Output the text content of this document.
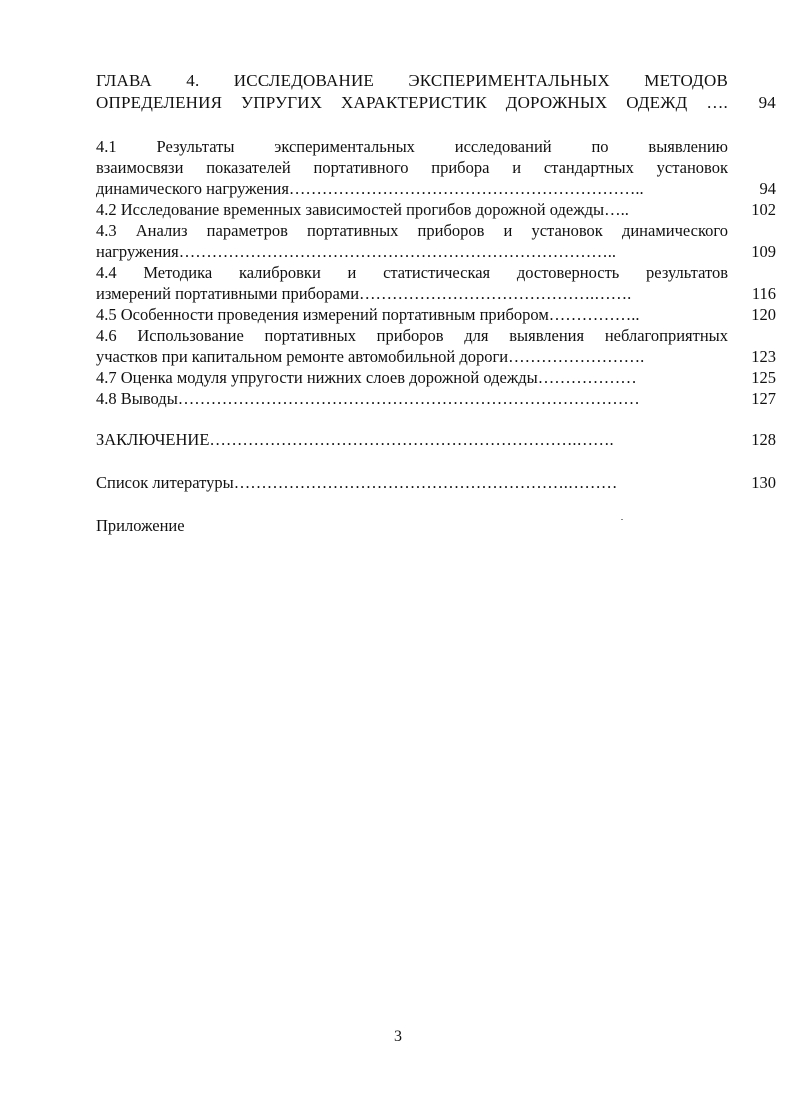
ГЛАВА 4. ИССЛЕДОВАНИЕ ЭКСПЕРИМЕНТАЛЬНЫХ МЕТОДОВ
ОПРЕДЕЛЕНИЯ УПРУГИХ ХАРАКТЕРИСТИК ДОРОЖНЫХ ОДЕЖД ….	94
4.1 Результаты экспериментальных исследований по выявлению
взаимосвязи показателей портативного прибора и стандартных установок
динамического нагружения………………………………………………………..	94
4.2 Исследование временных зависимостей прогибов дорожной одежды…..	102
4.3 Анализ параметров портативных приборов и установок динамического
нагружения……………………………………………………………………..	109
4.4 Методика калибровки и статистическая достоверность результатов
измерений портативными приборами…………………………………….…….	116
4.5 Особенности проведения измерений портативным прибором……………..	120
4.6 Использование портативных приборов для выявления неблагоприятных
участков при капитальном ремонте автомобильной дороги…………………….	123
4.7 Оценка модуля упругости нижних слоев дорожной одежды………………	125
4.8 Выводы…………………………………………………………………………	127
ЗАКЛЮЧЕНИЕ………………………………………………………….…….	128
Список литературы…………………………………………………….………	130
Приложение
3
